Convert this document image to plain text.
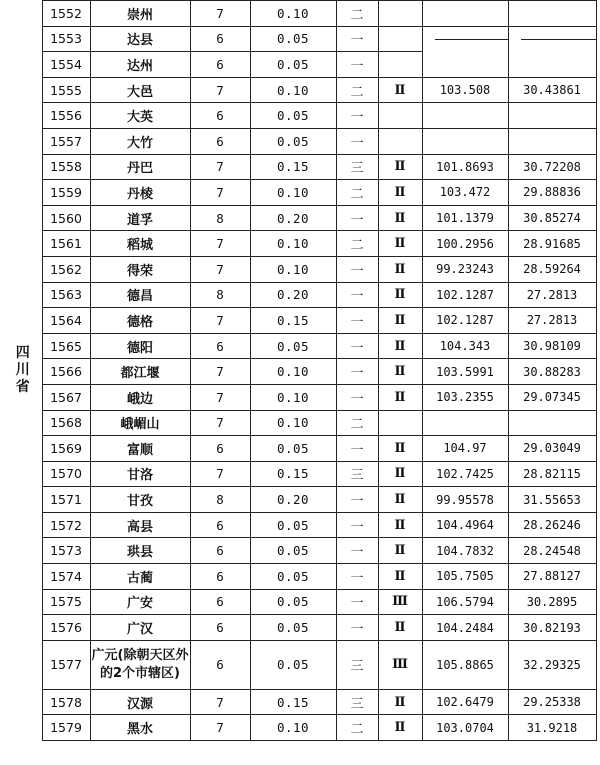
四川省	1552	崇州	7	0.10	二			
	1553	达县	6	0.05	一		

	1554	达州	6	0.05	一			
	1555	大邑	7	0.10	二	Ⅱ	103.508	30.43861
	1556	大英	6	0.05	一			
	1557	大竹	6	0.05	一			
	1558	丹巴	7	0.15	三	Ⅱ	101.8693	30.72208
	1559	丹棱	7	0.10	二	Ⅱ	103.472	29.88836
	1560	道孚	8	0.20	一	Ⅱ	101.1379	30.85274
	1561	稻城	7	0.10	二	Ⅱ	100.2956	28.91685
	1562	得荣	7	0.10	一	Ⅱ	99.23243	28.59264
	1563	德昌	8	0.20	一	Ⅱ	102.1287	27.2813
	1564	德格	7	0.15	一	Ⅱ	102.1287	27.2813
	1565	德阳	6	0.05	一	Ⅱ	104.343	30.98109
	1566	都江堰	7	0.10	一	Ⅱ	103.5991	30.88283
	1567	峨边	7	0.10	一	Ⅱ	103.2355	29.07345
	1568	峨嵋山	7	0.10	二			
	1569	富顺	6	0.05	一	Ⅱ	104.97	29.03049
	1570	甘洛	7	0.15	三	Ⅱ	102.7425	28.82115
	1571	甘孜	8	0.20	一	Ⅱ	99.95578	31.55653
	1572	高县	6	0.05	一	Ⅱ	104.4964	28.26246
	1573	珙县	6	0.05	一	Ⅱ	104.7832	28.24548
	1574	古蔺	6	0.05	一	Ⅱ	105.7505	27.88127
	1575	广安	6	0.05	一	Ⅲ	106.5794	30.2895
	1576	广汉	6	0.05	一	Ⅱ	104.2484	30.82193
	1577	广元(除朝天区外
的2个市辖区)	6	0.05	三	Ⅲ	105.8865	32.29325
	1578	汉源	7	0.15	三	Ⅱ	102.6479	29.25338
	1579	黑水	7	0.10	二	Ⅱ	103.0704	31.9218
